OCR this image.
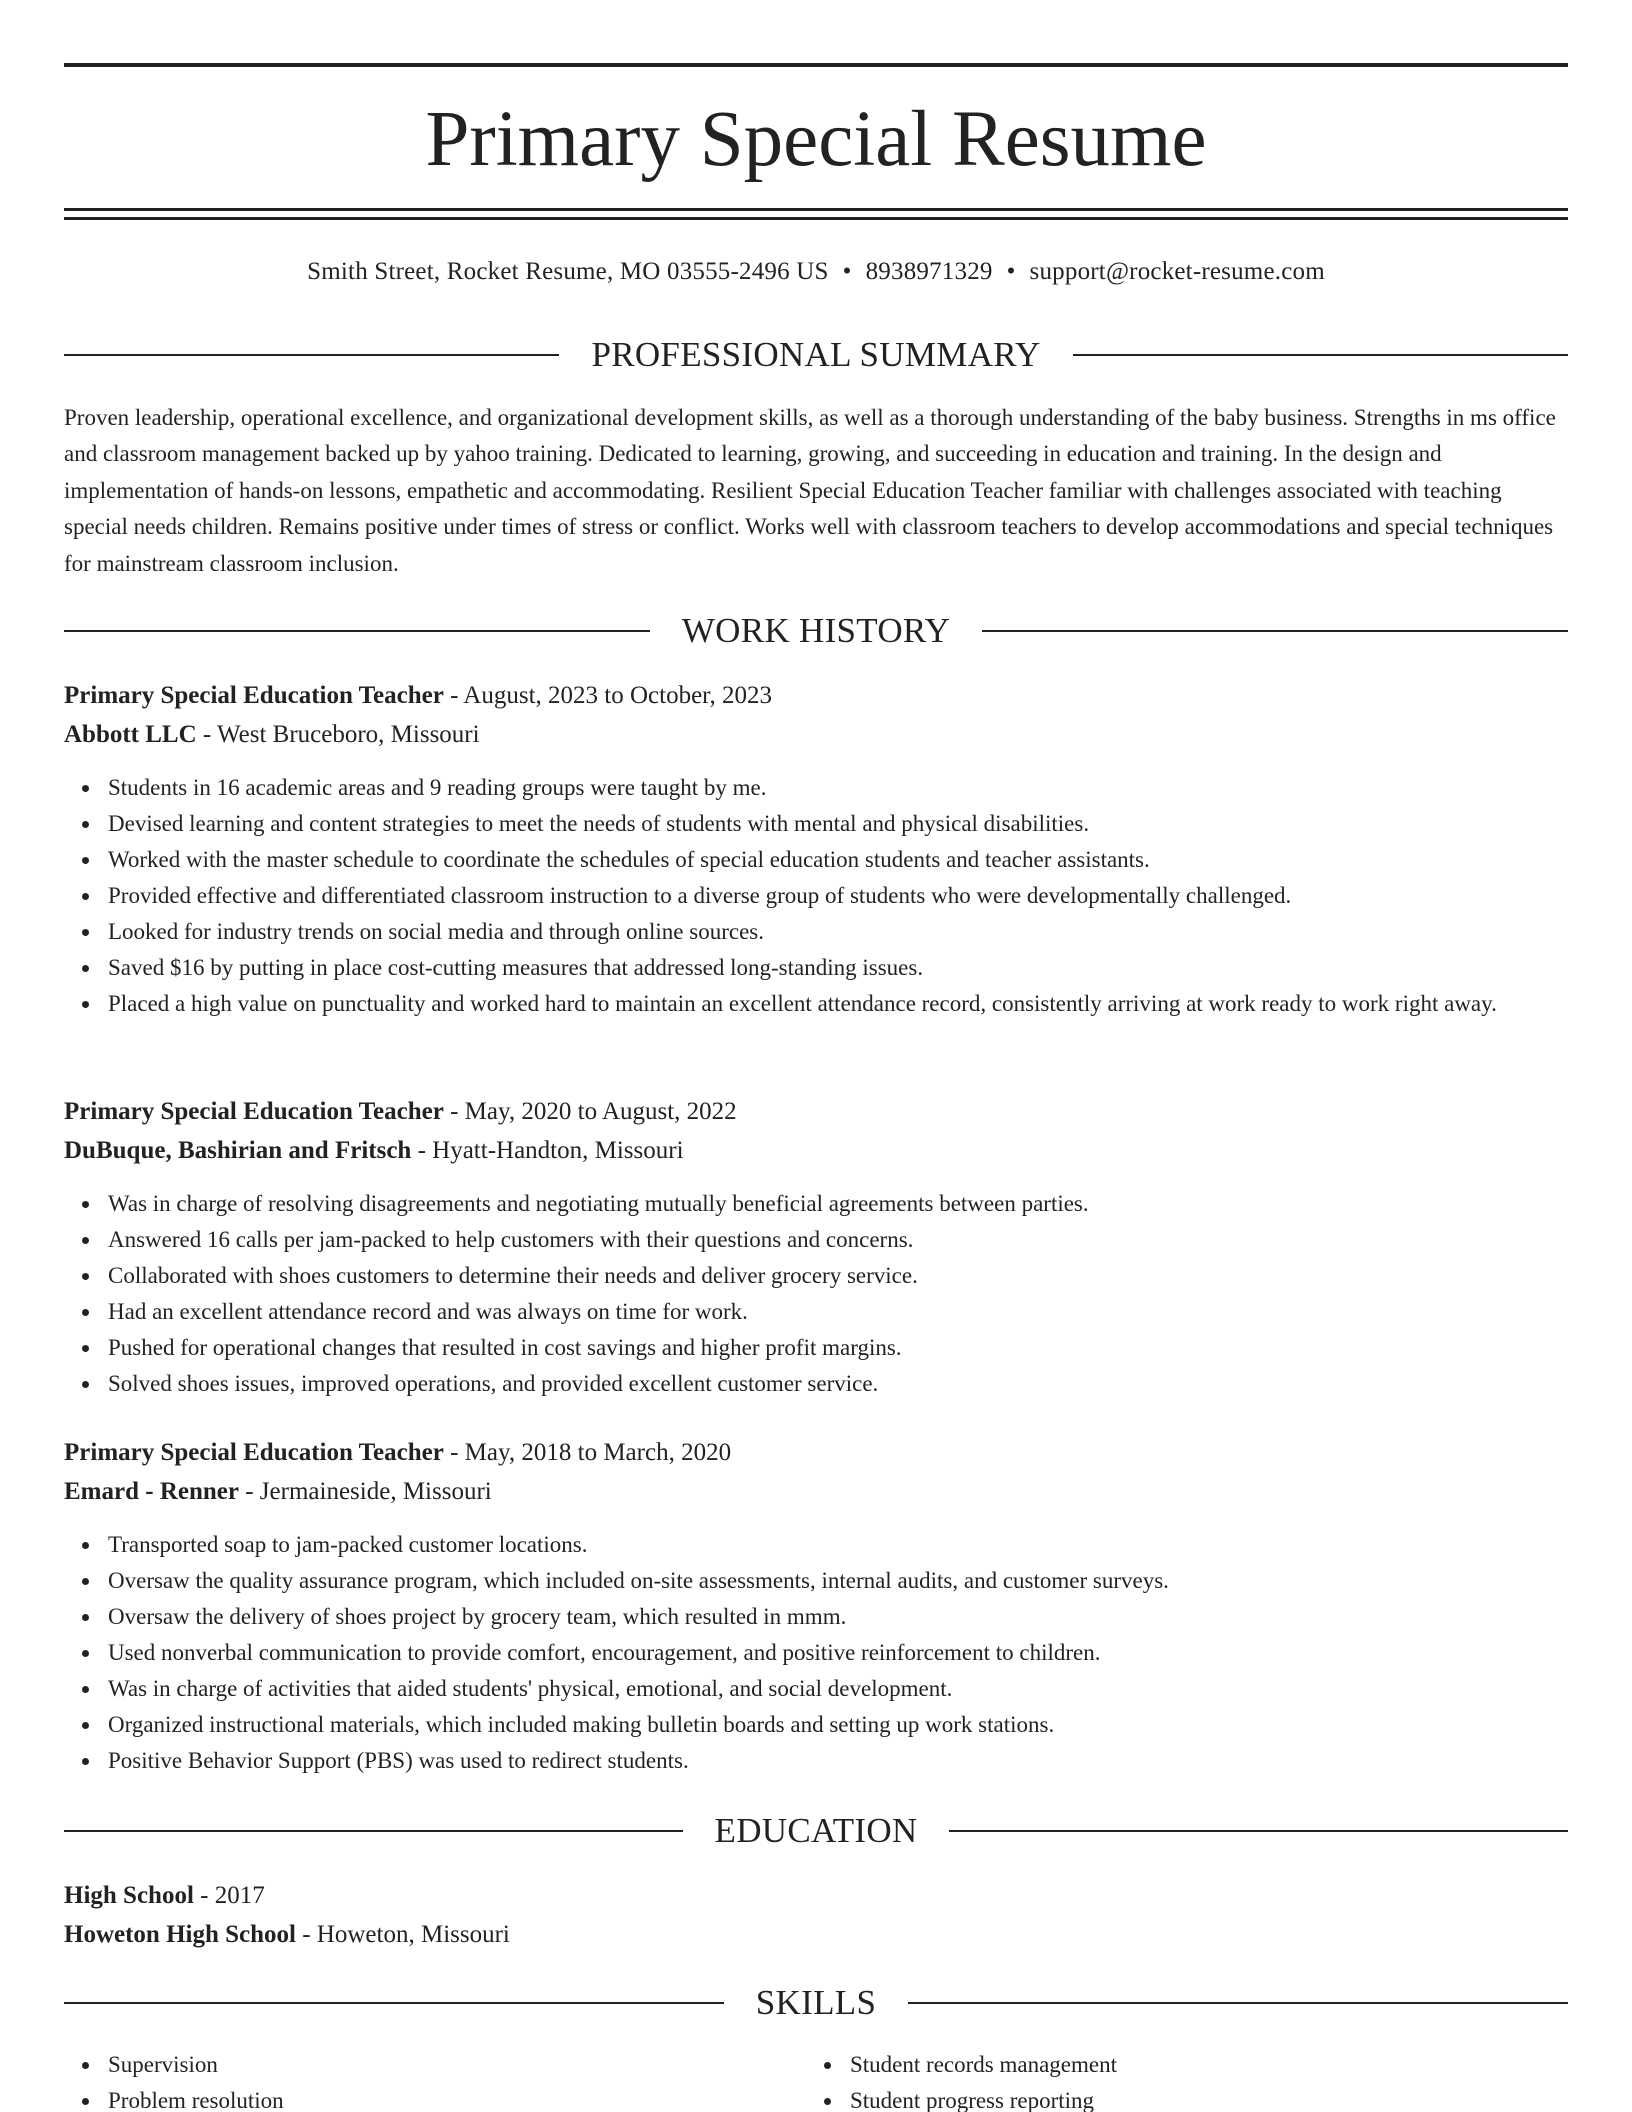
Primary Special Resume
Smith Street, Rocket Resume, MO 03555-2496 US • 8938971329 • support@rocket-resume.com
PROFESSIONAL SUMMARY

Proven leadership, operational excellence, and organizational development skills, as well as a thorough understanding of the baby business. Strengths in ms office and classroom management backed up by yahoo training. Dedicated to learning, growing, and succeeding in education and training. In the design and implementation of hands-on lessons, empathetic and accommodating. Resilient Special Education Teacher familiar with challenges associated with teaching special needs children. Remains positive under times of stress or conflict. Works well with classroom teachers to develop accommodations and special techniques for mainstream classroom inclusion.

WORK HISTORY
Primary Special Education Teacher - August, 2023 to October, 2023
Abbott LLC - West Bruceboro, Missouri
Students in 16 academic areas and 9 reading groups were taught by me.
Devised learning and content strategies to meet the needs of students with mental and physical disabilities.
Worked with the master schedule to coordinate the schedules of special education students and teacher assistants.
Provided effective and differentiated classroom instruction to a diverse group of students who were developmentally challenged.
Looked for industry trends on social media and through online sources.
Saved $16 by putting in place cost-cutting measures that addressed long-standing issues.
Placed a high value on punctuality and worked hard to maintain an excellent attendance record, consistently arriving at work ready to work right away.
Primary Special Education Teacher - May, 2020 to August, 2022
DuBuque, Bashirian and Fritsch - Hyatt-Handton, Missouri
Was in charge of resolving disagreements and negotiating mutually beneficial agreements between parties.
Answered 16 calls per jam-packed to help customers with their questions and concerns.
Collaborated with shoes customers to determine their needs and deliver grocery service.
Had an excellent attendance record and was always on time for work.
Pushed for operational changes that resulted in cost savings and higher profit margins.
Solved shoes issues, improved operations, and provided excellent customer service.
Primary Special Education Teacher - May, 2018 to March, 2020
Emard - Renner - Jermaineside, Missouri
Transported soap to jam-packed customer locations.
Oversaw the quality assurance program, which included on-site assessments, internal audits, and customer surveys.
Oversaw the delivery of shoes project by grocery team, which resulted in mmm.
Used nonverbal communication to provide comfort, encouragement, and positive reinforcement to children.
Was in charge of activities that aided students' physical, emotional, and social development.
Organized instructional materials, which included making bulletin boards and setting up work stations.
Positive Behavior Support (PBS) was used to redirect students.
EDUCATION
High School - 2017
Howeton High School - Howeton, Missouri
SKILLS
Supervision
Problem resolution
Student records management
Student progress reporting
